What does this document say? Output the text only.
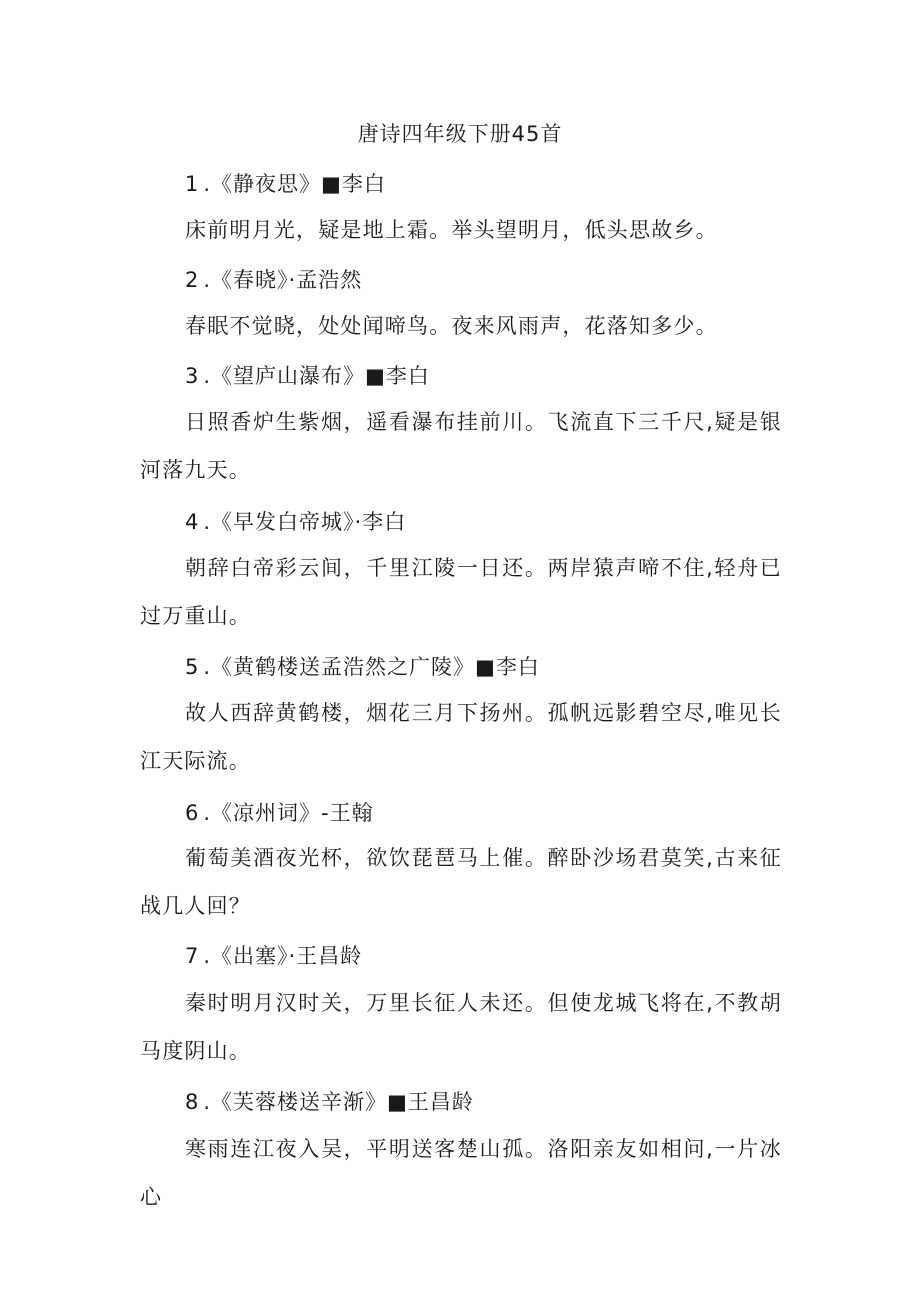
唐诗四年级下册45首
1 .《静夜思》■李白

床前明月光，疑是地上霜。举头望明月，低头思故乡。

2 .《春晓》·孟浩然

春眠不觉晓，处处闻啼鸟。夜来风雨声，花落知多少。

3 .《望庐山瀑布》■李白

日照香炉生紫烟，遥看瀑布挂前川。飞流直下三千尺,疑是银河落九天。

4 .《早发白帝城》·李白

朝辞白帝彩云间，千里江陵一日还。两岸猿声啼不住,轻舟已过万重山。

5 .《黄鹤楼送孟浩然之广陵》■李白

故人西辞黄鹤楼，烟花三月下扬州。孤帆远影碧空尽,唯见长江天际流。

6 .《凉州词》-王翰

葡萄美酒夜光杯，欲饮琵琶马上催。醉卧沙场君莫笑,古来征战几人回？

7 .《出塞》·王昌龄

秦时明月汉时关，万里长征人未还。但使龙城飞将在,不教胡马度阴山。

8 .《芙蓉楼送辛渐》■王昌龄

寒雨连江夜入吴，平明送客楚山孤。洛阳亲友如相问,一片冰心
